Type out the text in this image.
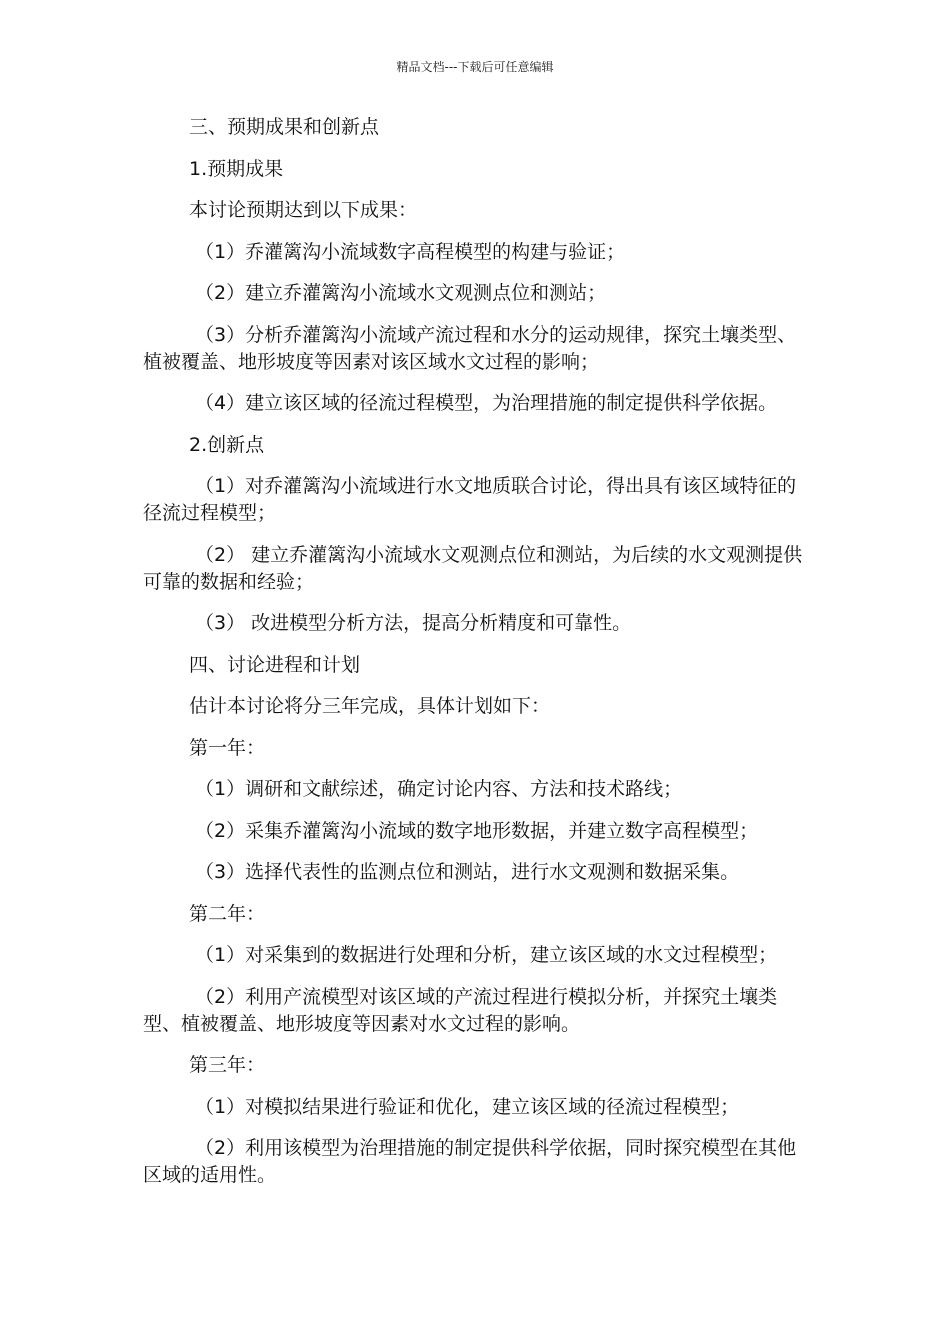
精品文档---下载后可任意编辑

三、预期成果和创新点

1.预期成果

本讨论预期达到以下成果：

（1）乔灌篱沟小流域数字高程模型的构建与验证；

（2）建立乔灌篱沟小流域水文观测点位和测站；

（3）分析乔灌篱沟小流域产流过程和水分的运动规律，探究土壤类型、植被覆盖、地形坡度等因素对该区域水文过程的影响；

（4）建立该区域的径流过程模型，为治理措施的制定提供科学依据。

2.创新点

（1）对乔灌篱沟小流域进行水文地质联合讨论，得出具有该区域特征的径流过程模型；

（2） 建立乔灌篱沟小流域水文观测点位和测站，为后续的水文观测提供可靠的数据和经验；

（3） 改进模型分析方法，提高分析精度和可靠性。

四、讨论进程和计划

估计本讨论将分三年完成，具体计划如下：

第一年：

（1）调研和文献综述，确定讨论内容、方法和技术路线；

（2）采集乔灌篱沟小流域的数字地形数据，并建立数字高程模型；

（3）选择代表性的监测点位和测站，进行水文观测和数据采集。

第二年：

（1）对采集到的数据进行处理和分析，建立该区域的水文过程模型；

（2）利用产流模型对该区域的产流过程进行模拟分析，并探究土壤类型、植被覆盖、地形坡度等因素对水文过程的影响。

第三年：

（1）对模拟结果进行验证和优化，建立该区域的径流过程模型；

（2）利用该模型为治理措施的制定提供科学依据，同时探究模型在其他区域的适用性。
